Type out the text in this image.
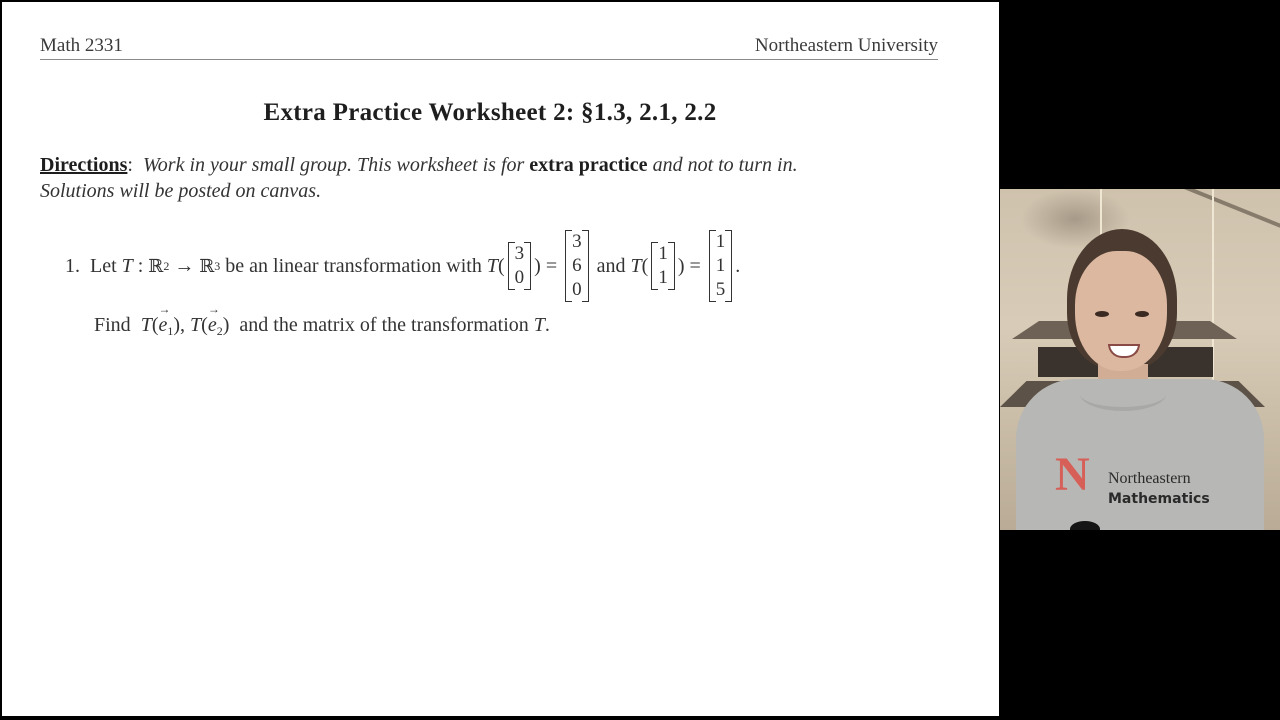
Math 2331	Northeastern University
Extra Practice Worksheet 2: §1.3, 2.1, 2.2
Directions: Work in your small group. This worksheet is for extra practice and not to turn in.
Solutions will be posted on canvas.
1.
Let
T
:
ℝ 2
→
ℝ 3
be an linear transformation with
T (
3
0
)
=

3
6
0

and
T (
1
1
)
=

1
1
5
.
Find $T(\to e_1)$, $T(\to e_2)$  and the matrix of the transformation T.
N Northeastern
Mathematics
